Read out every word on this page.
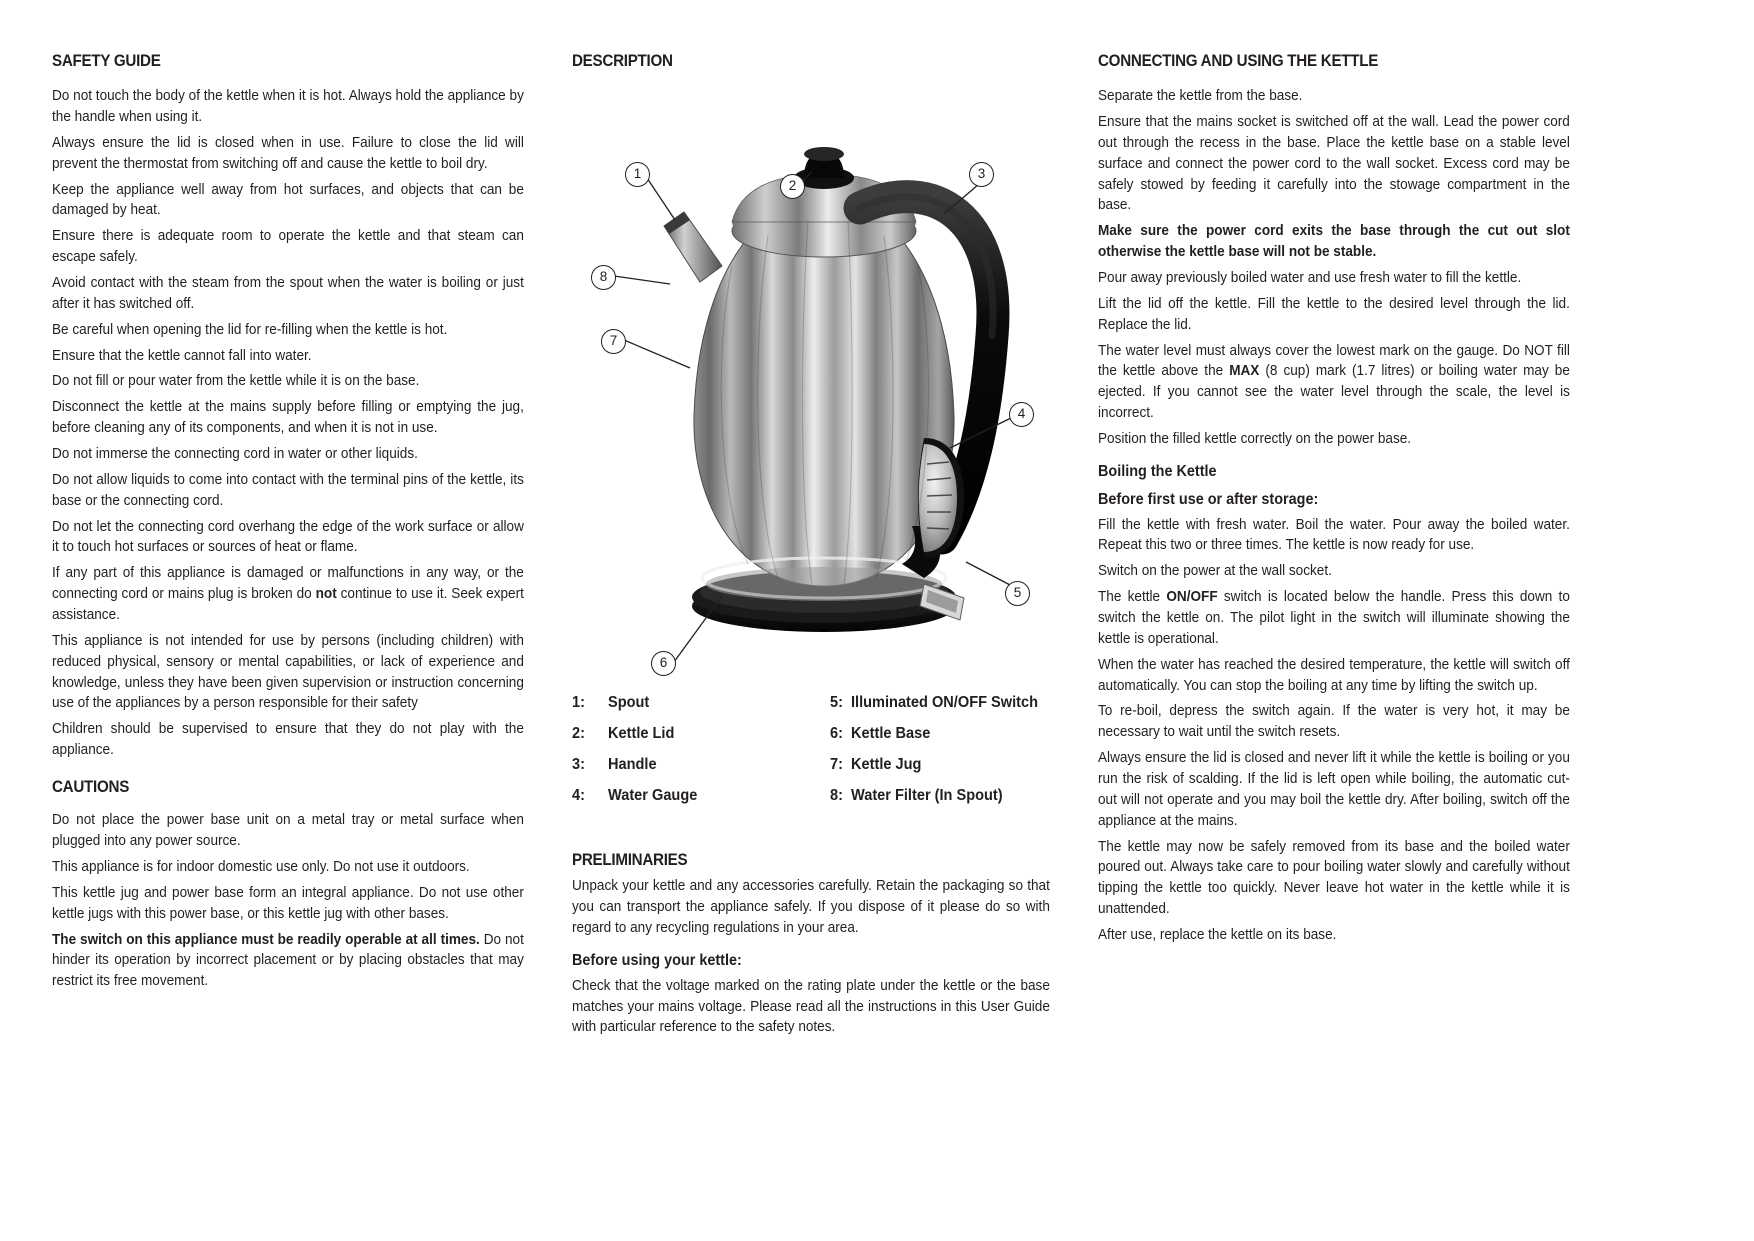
SAFETY GUIDE

Do not touch the body of the kettle when it is hot. Always hold the appliance by the handle when using it.

Always ensure the lid is closed when in use. Failure to close the lid will prevent the thermostat from switching off and cause the kettle to boil dry.

Keep the appliance well away from hot surfaces, and objects that can be damaged by heat.

Ensure there is adequate room to operate the kettle and that steam can escape safely.

Avoid contact with the steam from the spout when the water is boiling or just after it has switched off.

Be careful when opening the lid for re-filling when the kettle is hot.

Ensure that the kettle cannot fall into water.

Do not fill or pour water from the kettle while it is on the base.

Disconnect the kettle at the mains supply before filling or emptying the jug, before cleaning any of its components, and when it is not in use.

Do not immerse the connecting cord in water or other liquids.

Do not allow liquids to come into contact with the terminal pins of the kettle, its base or the connecting cord.

Do not let the connecting cord overhang the edge of the work surface or allow it to touch hot surfaces or sources of heat or flame.

If any part of this appliance is damaged or malfunctions in any way, or the connecting cord or mains plug is broken do not continue to use it. Seek expert assistance.

This appliance is not intended for use by persons (including children) with reduced physical, sensory or mental capabilities, or lack of experience and knowledge, unless they have been given supervision or instruction concerning use of the appliances by a person responsible for their safety

Children should be supervised to ensure that they do not play with the appliance.

CAUTIONS

Do not place the power base unit on a metal tray or metal surface when plugged into any power source.

This appliance is for indoor domestic use only. Do not use it outdoors.

This kettle jug and power base form an integral appliance. Do not use other kettle jugs with this power base, or this kettle jug with other bases.

The switch on this appliance must be readily operable at all times. Do not hinder its operation by incorrect placement or by placing obstacles that may restrict its free movement.

DESCRIPTION
1
2
3
4
5
6
7
8
1:	Spout	5: Illuminated ON/OFF Switch
2:	Kettle Lid	6: Kettle Base
3:	Handle	7: Kettle Jug
4:	Water Gauge	8: Water Filter (In Spout)
PRELIMINARIES

Unpack your kettle and any accessories carefully. Retain the packaging so that you can transport the appliance safely. If you dispose of it please do so with regard to any recycling regulations in your area.

Before using your kettle:

Check that the voltage marked on the rating plate under the kettle or the base matches your mains voltage. Please read all the instructions in this User Guide with particular reference to the safety notes.

CONNECTING AND USING THE KETTLE

Separate the kettle from the base.

Ensure that the mains socket is switched off at the wall. Lead the power cord out through the recess in the base. Place the kettle base on a stable level surface and connect the power cord to the wall socket. Excess cord may be safely stowed by feeding it carefully into the stowage compartment in the base.

Make sure the power cord exits the base through the cut out slot otherwise the kettle base will not be stable.

Pour away previously boiled water and use fresh water to fill the kettle.

Lift the lid off the kettle. Fill the kettle to the desired level through the lid. Replace the lid.

The water level must always cover the lowest mark on the gauge. Do NOT fill the kettle above the MAX (8 cup) mark (1.7 litres) or boiling water may be ejected. If you cannot see the water level through the scale, the level is incorrect.

Position the filled kettle correctly on the power base.

Boiling the Kettle
Before first use or after storage:

Fill the kettle with fresh water. Boil the water. Pour away the boiled water. Repeat this two or three times. The kettle is now ready for use.

Switch on the power at the wall socket.

The kettle ON/OFF switch is located below the handle. Press this down to switch the kettle on. The pilot light in the switch will illuminate showing the kettle is operational.

When the water has reached the desired temperature, the kettle will switch off automatically. You can stop the boiling at any time by lifting the switch up.

To re-boil, depress the switch again. If the water is very hot, it may be necessary to wait until the switch resets.

Always ensure the lid is closed and never lift it while the kettle is boiling or you run the risk of scalding. If the lid is left open while boiling, the automatic cut-out will not operate and you may boil the kettle dry. After boiling, switch off the appliance at the mains.

The kettle may now be safely removed from its base and the boiled water poured out. Always take care to pour boiling water slowly and carefully without tipping the kettle too quickly. Never leave hot water in the kettle while it is unattended.

After use, replace the kettle on its base.
